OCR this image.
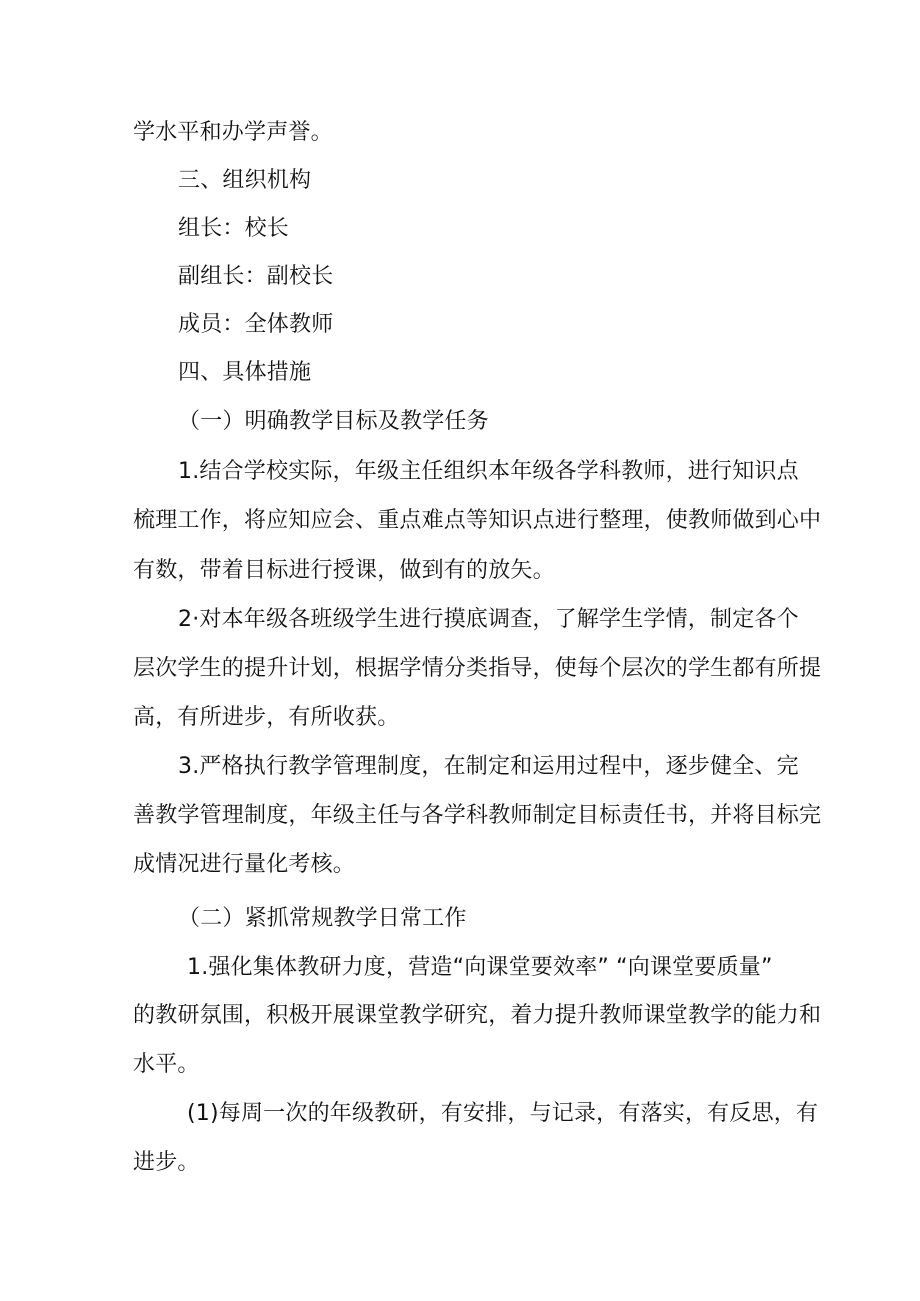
学水平和办学声誉。
三、组织机构
组长：校长
副组长：副校长
成员：全体教师
四、具体措施
（一）明确教学目标及教学任务
1.结合学校实际，年级主任组织本年级各学科教师，进行知识点
梳理工作，将应知应会、重点难点等知识点进行整理，使教师做到心中
有数，带着目标进行授课，做到有的放矢。
2·对本年级各班级学生进行摸底调查，了解学生学情，制定各个
层次学生的提升计划，根据学情分类指导，使每个层次的学生都有所提
高，有所进步，有所收获。
3.严格执行教学管理制度，在制定和运用过程中，逐步健全、完
善教学管理制度，年级主任与各学科教师制定目标责任书，并将目标完
成情况进行量化考核。
（二）紧抓常规教学日常工作
1.强化集体教研力度，营造“向课堂要效率” “向课堂要质量”
的教研氛围，积极开展课堂教学研究，着力提升教师课堂教学的能力和
水平。
(1)每周一次的年级教研，有安排，与记录，有落实，有反思，有
进步。
